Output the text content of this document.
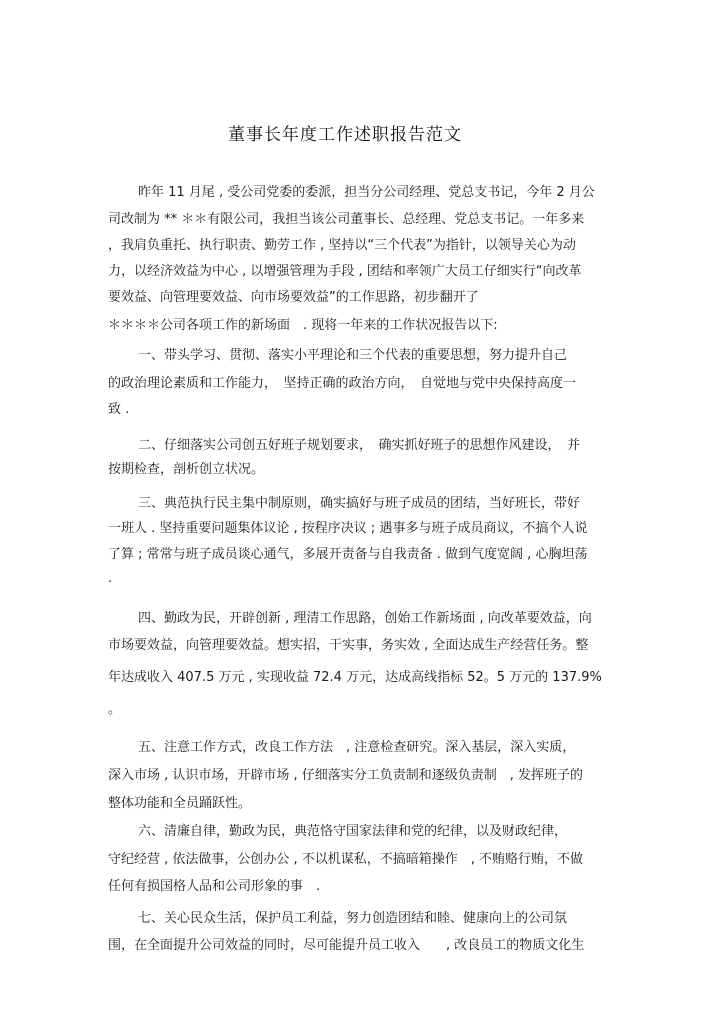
董事长年度工作述职报告范文
昨年 11 月尾 , 受公司党委的委派，担当分公司经理、党总支书记，今年 2 月公
司改制为 ** ＊＊有限公司，我担当该公司董事长、总经理、党总支书记。一年多来
，我肩负重托、执行职责、勤劳工作 , 坚持以“三个代表”为指针，以领导关心为动
力，以经济效益为中心 , 以增强管理为手段 , 团结和率领广大员工仔细实行“向改革
要效益、向管理要效益、向市场要效益”的工作思路，初步翻开了
＊＊＊＊公司各项工作的新场面　. 现将一年来的工作状况报告以下:
一、带头学习、贯彻、落实小平理论和三个代表的重要思想，努力提升自己
的政治理论素质和工作能力，　坚持正确的政治方向，　自觉地与党中央保持高度一
致 .
二、仔细落实公司创五好班子规划要求，　确实抓好班子的思想作风建设，　并
按期检查，剖析创立状况。
三、典范执行民主集中制原则，确实搞好与班子成员的团结，当好班长，带好
一班人 . 坚持重要问题集体议论 , 按程序决议 ; 遇事多与班子成员商议，不搞个人说
了算 ; 常常与班子成员谈心通气，多展开责备与自我责备 . 做到气度宽阔 , 心胸坦荡
.
四、勤政为民，开辟创新 , 理清工作思路，创始工作新场面 , 向改革要效益，向
市场要效益，向管理要效益。想实招，干实事，务实效 , 全面达成生产经营任务。整
年达成收入 407.5 万元 , 实现收益 72.4 万元，达成高线指标 52。5 万元的 137.9%
。
五、注意工作方式，改良工作方法　, 注意检查研究。深入基层，深入实质，
深入市场 , 认识市场，开辟市场 , 仔细落实分工负责制和逐级负责制　, 发挥班子的
整体功能和全员踊跃性。
六、清廉自律，勤政为民，典范恪守国家法律和党的纪律，以及财政纪律，
守纪经营 , 依法做事，公创办公 , 不以机谋私，不搞暗箱操作　, 不贿赂行贿，不做
任何有损国格人品和公司形象的事　.
七、关心民众生活，保护员工利益，努力创造团结和睦、健康向上的公司氛
围，在全面提升公司效益的同时，尽可能提升员工收入　　, 改良员工的物质文化生
